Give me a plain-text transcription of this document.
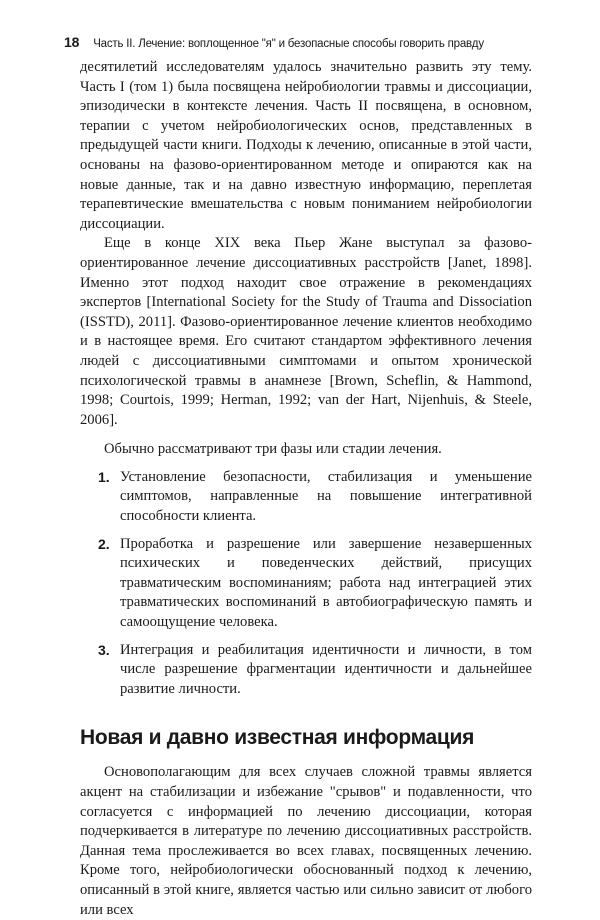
18 Часть II. Лечение: воплощенное "я" и безопасные способы говорить правду

десятилетий исследователям удалось значительно развить эту тему. Часть I (том 1) была посвящена нейробиологии травмы и диссоциации, эпизодически в контексте лечения. Часть II посвящена, в основном, терапии с учетом нейробиологических основ, представленных в предыдущей части книги. Подходы к лечению, описанные в этой части, основаны на фазово-ориентированном методе и опираются как на новые данные, так и на давно известную информацию, переплетая терапевтические вмешательства с новым пониманием нейробиологии диссоциации.

Еще в конце XIX века Пьер Жане выступал за фазово-ориентированное лечение диссоциативных расстройств [Janet, 1898]. Именно этот подход находит свое отражение в рекомендациях экспертов [International Society for the Study of Trauma and Dissociation (ISSTD), 2011]. Фазово-ориентированное лечение клиентов необходимо и в настоящее время. Его считают стандартом эффективного лечения людей с диссоциативными симптомами и опытом хронической психологической травмы в анамнезе [Brown, Scheflin, & Hammond, 1998; Courtois, 1999; Herman, 1992; van der Hart, Nijenhuis, & Steele, 2006].

Обычно рассматривают три фазы или стадии лечения.

1. Установление безопасности, стабилизация и уменьшение симптомов, направленные на повышение интегративной способности клиента.
2. Проработка и разрешение или завершение незавершенных психических и поведенческих действий, присущих травматическим воспоминаниям; работа над интеграцией этих травматических воспоминаний в автобиографическую память и самоощущение человека.
3. Интеграция и реабилитация идентичности и личности, в том числе разрешение фрагментации идентичности и дальнейшее развитие личности.
Новая и давно известная информация

Основополагающим для всех случаев сложной травмы является акцент на стабилизации и избежание "срывов" и подавленности, что согласуется с информацией по лечению диссоциации, которая подчеркивается в литературе по лечению диссоциативных расстройств. Данная тема прослеживается во всех главах, посвященных лечению. Кроме того, нейробиологически обоснованный подход к лечению, описанный в этой книге, является частью или сильно зависит от любого или всех
